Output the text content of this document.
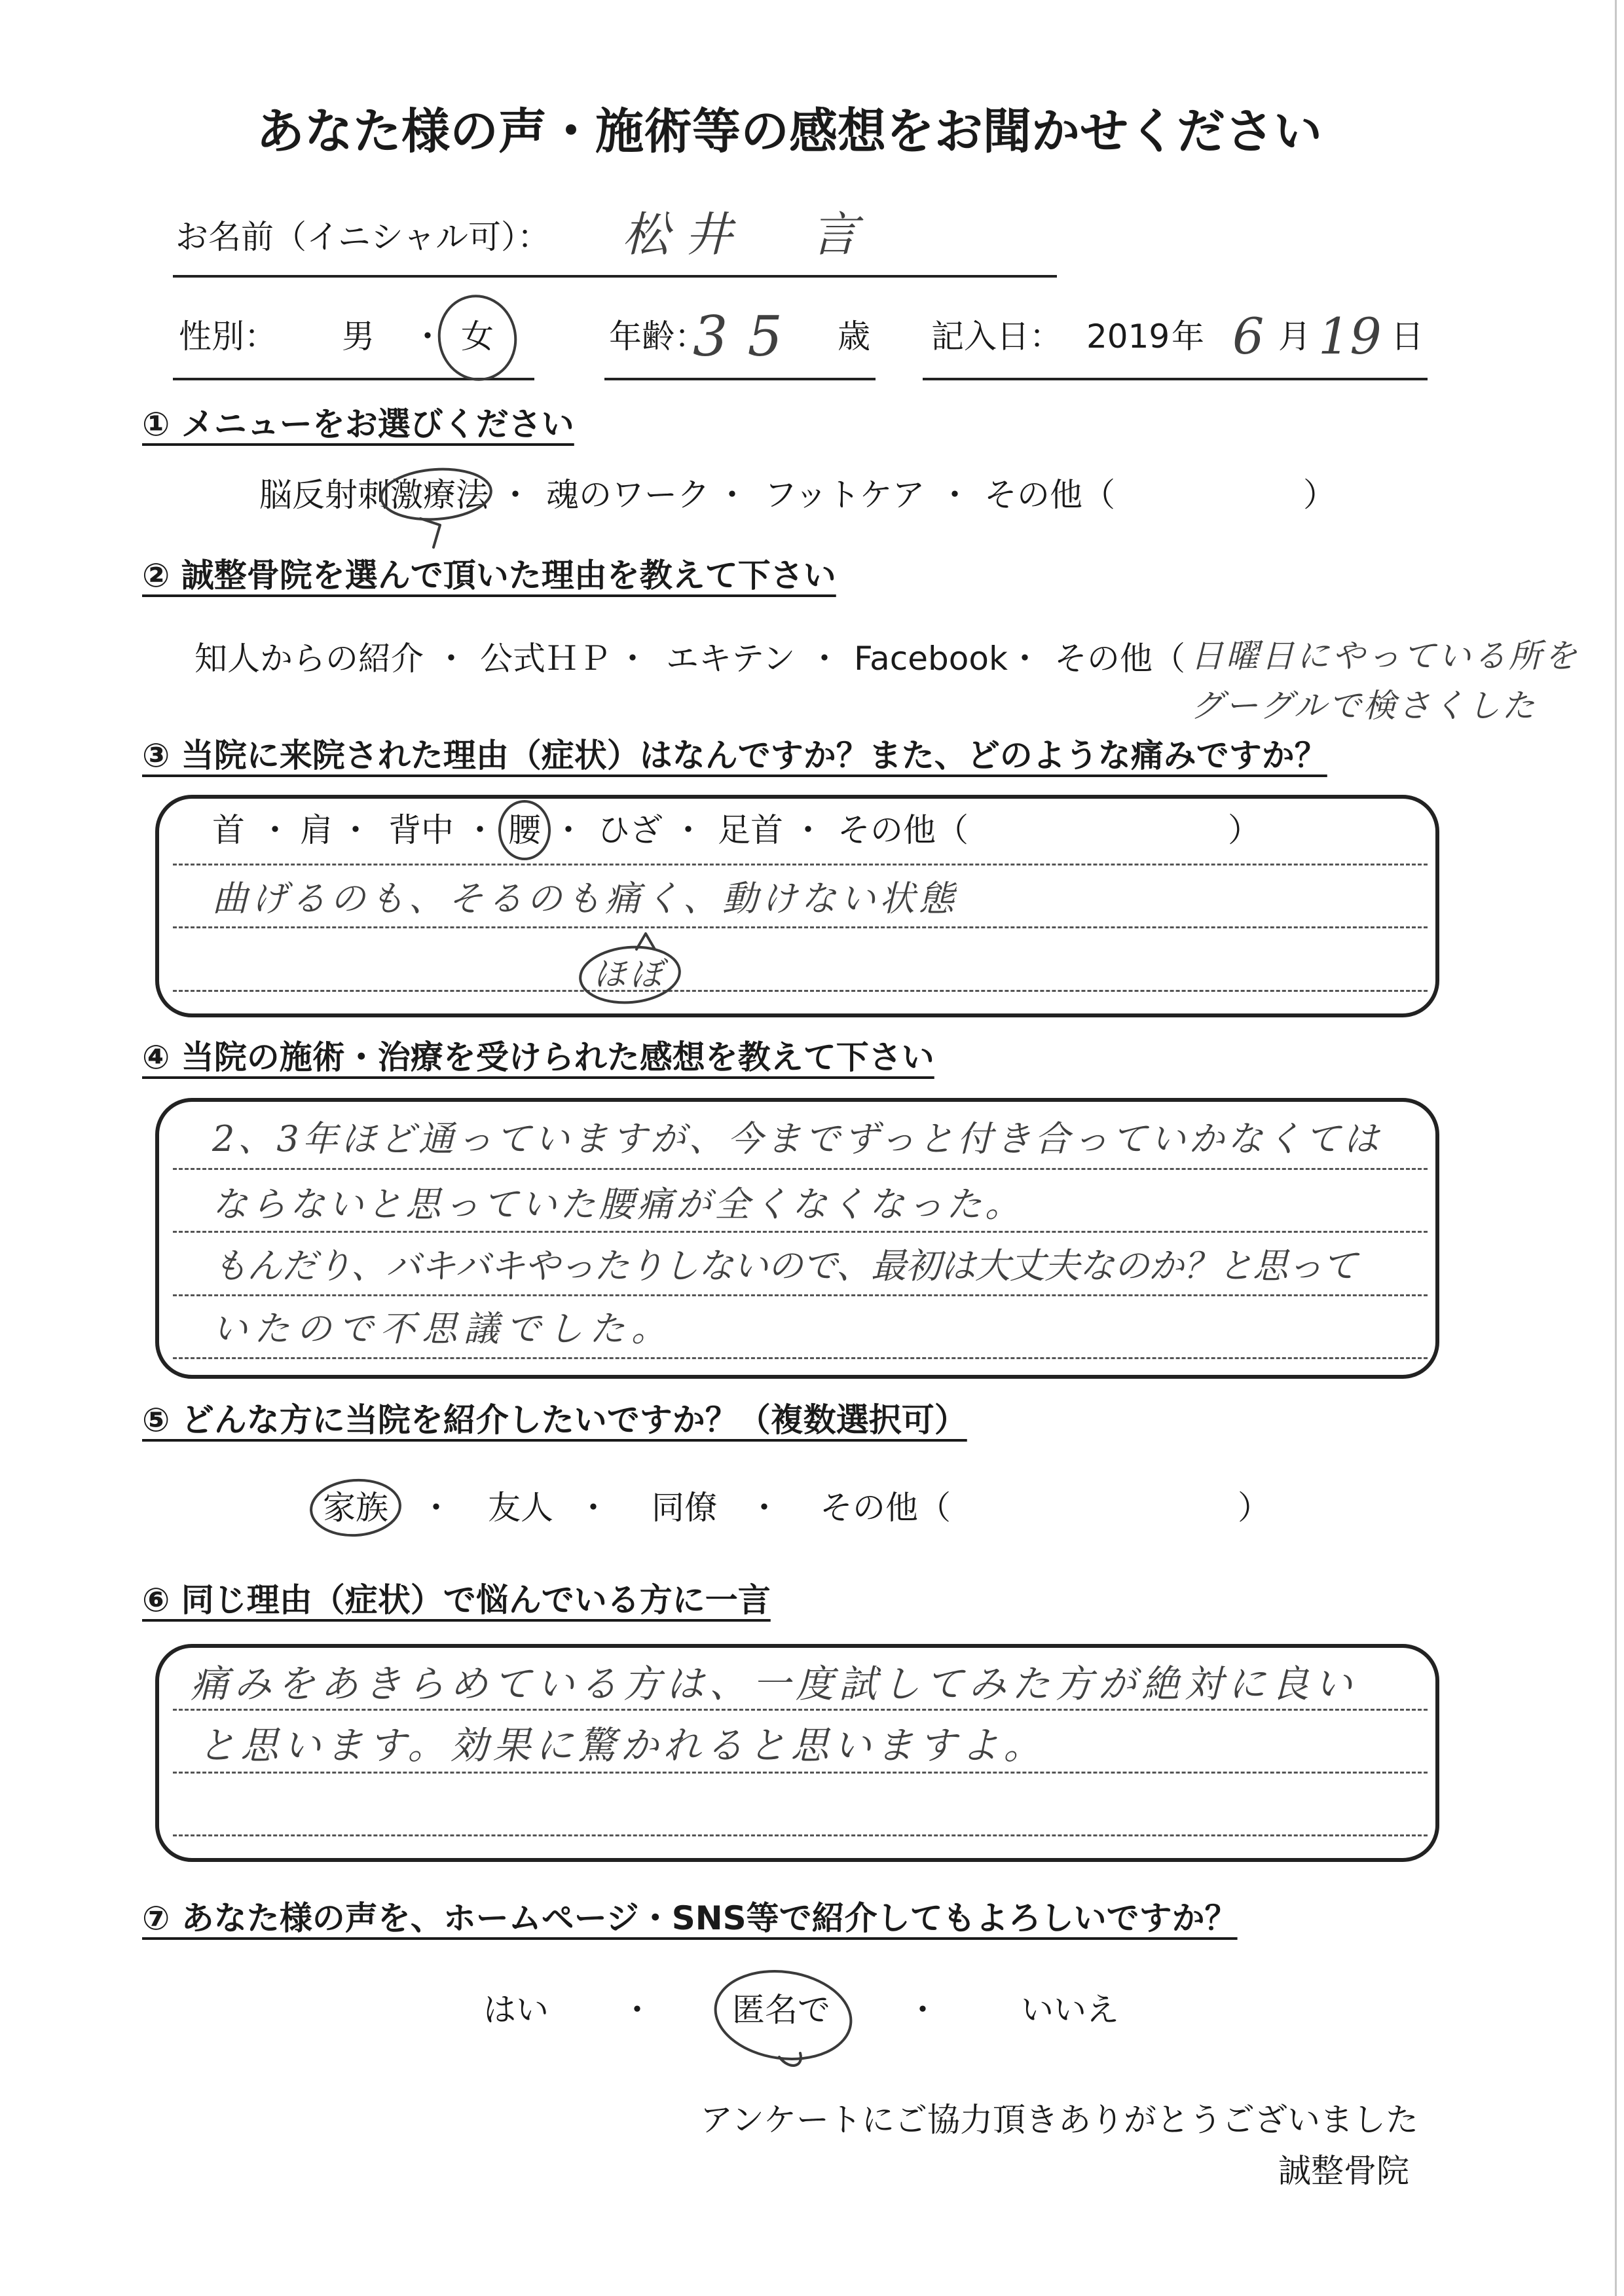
あなた様の声・施術等の感想をお聞かせください
お名前（イニシャル可）： 松井　言
性別： 男 ・ 女	年齢：
35 歳 記入日： 2019 年 6 月 19 日
① メニューをお選びください
脳反射刺激療法 ・ 魂のワーク ・ フットケア ・ その他（	）
② 誠整骨院を選んで頂いた理由を教えて下さい
知人からの紹介 ・ 公式ＨＰ ・ エキテン ・ Facebook ・ その他（ 日曜日にやっている所を
グーグルで検さくした
③ 当院に来院された理由（症状）はなんですか？また、どのような痛みですか？
首 ・ 肩 ・ 背中 ・ 腰 ・ ひざ ・ 足首 ・ その他（	）
曲げるのも、そるのも痛く、動けない状態
ほぼ
④ 当院の施術・治療を受けられた感想を教えて下さい
2、3年ほど通っていますが、今までずっと付き合っていかなくては
ならないと思っていた腰痛が全くなくなった。
もんだり、バキバキやったりしないので、最初は大丈夫なのか？と思って
いたので不思議でした。
⑤ どんな方に当院を紹介したいですか？（複数選択可）
家族 ・ 友人 ・ 同僚 ・ その他（	）
⑥ 同じ理由（症状）で悩んでいる方に一言
痛みをあきらめている方は、一度試してみた方が絶対に良い
と思います。効果に驚かれると思いますよ。
⑦ あなた様の声を、ホームページ・SNS等で紹介してもよろしいですか？
はい ・ 匿名で ・	いいえ
アンケートにご協力頂きありがとうございました
誠整骨院
